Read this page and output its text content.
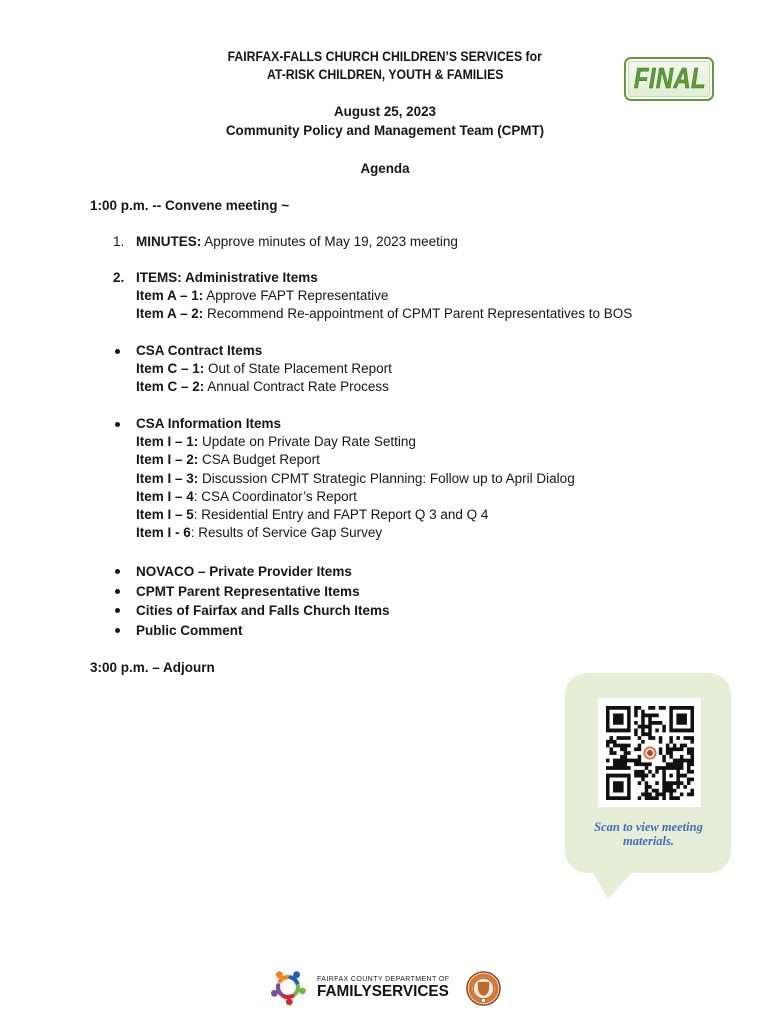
FAIRFAX-FALLS CHURCH CHILDREN’S SERVICES for
AT-RISK CHILDREN, YOUTH & FAMILIES
August 25, 2023
Community Policy and Management Team (CPMT)
Agenda
FINAL
1:00 p.m. -- Convene meeting ~
1. MINUTES: Approve minutes of May 19, 2023 meeting
2. ITEMS: Administrative Items
Item A – 1: Approve FAPT Representative
Item A – 2: Recommend Re-appointment of CPMT Parent Representatives to BOS
CSA Contract Items
Item C – 1: Out of State Placement Report
Item C – 2: Annual Contract Rate Process
CSA Information Items
Item I – 1: Update on Private Day Rate Setting
Item I – 2: CSA Budget Report
Item I – 3: Discussion CPMT Strategic Planning: Follow up to April Dialog
Item I – 4: CSA Coordinator’s Report
Item I – 5: Residential Entry and FAPT Report Q 3 and Q 4
Item I - 6: Results of Service Gap Survey
NOVACO – Private Provider Items
CPMT Parent Representative Items
Cities of Fairfax and Falls Church Items
Public Comment
3:00 p.m. – Adjourn
Scan to view meeting materials.
FAIRFAX COUNTY DEPARTMENT OF
FAMILYSERVICES
